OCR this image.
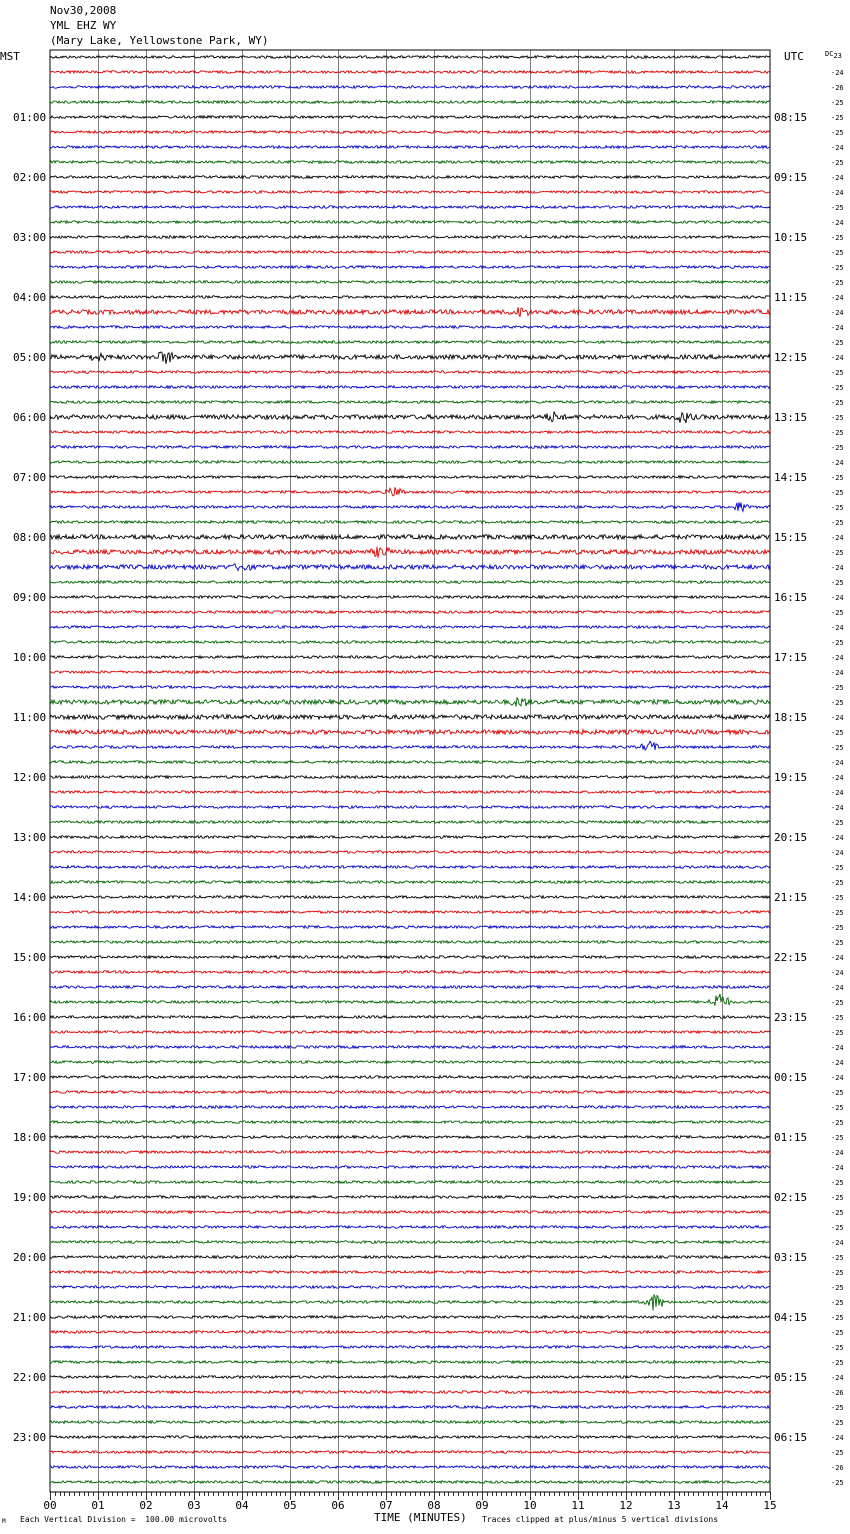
Nov30,2008
YML EHZ WY
(Mary Lake, Yellowstone Park, WY)
MST	UTC	DC23
01:00
02:00
03:00
04:00
05:00
06:00
07:00
08:00
09:00
10:00
11:00
12:00
13:00
14:00
15:00
16:00
17:00
18:00
19:00
20:00
21:00
22:00
23:00
08:15
09:15
10:15
11:15
12:15
13:15
14:15
15:15
16:15
17:15
18:15
19:15
20:15
21:15
22:15
23:15
00:15
01:15
02:15
03:15
04:15
05:15
06:15
-24
-26
-25
-25
-25
-24
-25
-24
-24
-25
-24
-25
-25
-25
-25
-24
-24
-24
-25
-24
-25
-25
-25
-25
-25
-25
-24
-25
-25
-25
-25
-24
-25
-24
-25
-24
-25
-24
-25
-24
-24
-25
-25
-24
-25
-25
-24
-24
-24
-24
-25
-24
-24
-25
-25
-25
-25
-25
-25
-24
-24
-24
-25
-25
-25
-24
-24
-24
-25
-25
-25
-25
-24
-24
-25
-25
-25
-25
-24
-25
-25
-25
-25
-25
-25
-25
-25
-24
-26
-25
-25
-24
-25
-26
-25
00	01	02	03	04	05	06	07	08	09	10	11	12	13	14	15
M Each Vertical Division =  100.00 microvolts	TIME (MINUTES) Traces clipped at plus/minus 5 vertical divisions
